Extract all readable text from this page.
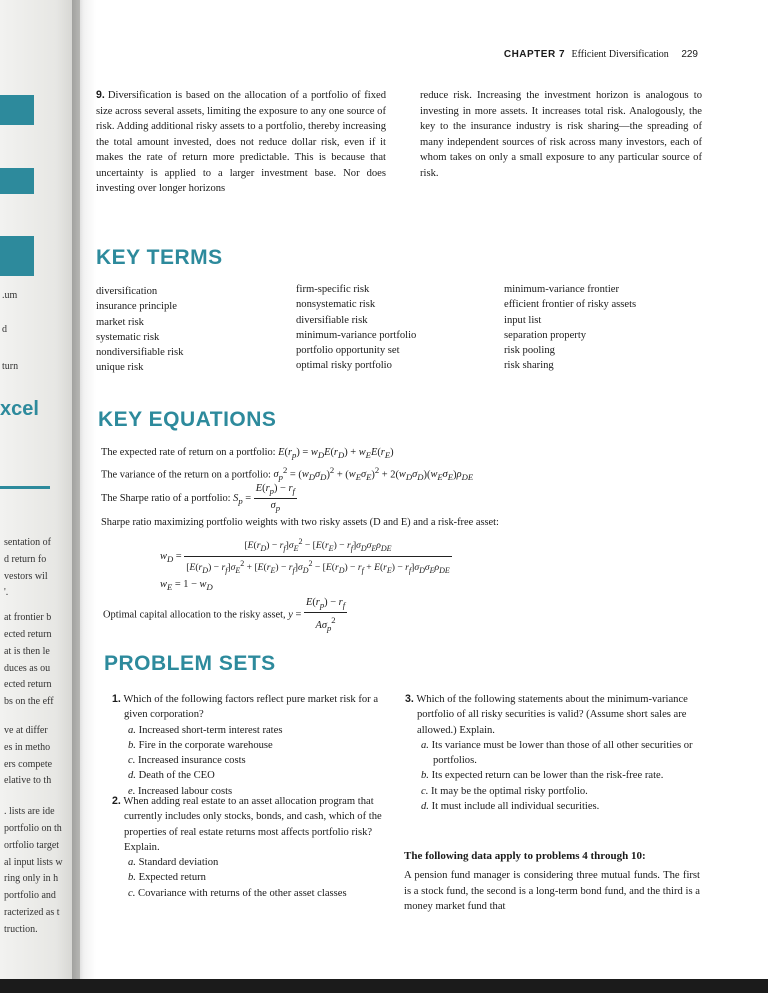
.um
d
turn
xcel
sentation of
d return fo
vestors wil
'.
at frontier b
ected return
at is then le
duces as ou
ected return
bs on the eff
ve at differ
es in metho
ers compete
elative to th
. lists are ide
portfolio on th
ortfolio target
al input lists w
ring only in h
portfolio and
racterized as t
truction.
CHAPTER 7 Efficient Diversification 229
9. Diversification is based on the allocation of a portfolio of fixed size across several assets, limiting the exposure to any one source of risk. Adding additional risky assets to a portfolio, thereby increasing the total amount invested, does not reduce dollar risk, even if it makes the rate of return more predictable. This is because that uncertainty is applied to a larger investment base. Nor does investing over longer horizons
reduce risk. Increasing the investment horizon is analogous to investing in more assets. It increases total risk. Analogously, the key to the insurance industry is risk sharing—the spreading of many independent sources of risk across many investors, each of whom takes on only a small exposure to any particular source of risk.
KEY TERMS
diversification
insurance principle
market risk
systematic risk
nondiversifiable risk
unique risk
firm-specific risk
nonsystematic risk
diversifiable risk
minimum-variance portfolio
portfolio opportunity set
optimal risky portfolio
minimum-variance frontier
efficient frontier of risky assets
input list
separation property
risk pooling
risk sharing
KEY EQUATIONS
The expected rate of return on a portfolio: $E(r_p) = w_DE(r_D) + w_EE(r_E)$
The variance of the return on a portfolio: $\sigma_p^2 = (w_D\sigma_D)^2 + (w_E\sigma_E)^2 + 2(w_D\sigma_D)(w_E\sigma_E)\rho_{DE}$
The Sharpe ratio of a portfolio: $S_p = \frac{E(r_p) - r_f}{\sigma_p}$
Sharpe ratio maximizing portfolio weights with two risky assets (D and E) and a risk-free asset:
$w_D$ =
$[E(r_D) - r_f]\sigma_E^2 - [E(r_E) - r_f]\sigma_D\sigma_E\rho_{DE}$
$[E(r_D) - r_f]\sigma_E^2 + [E(r_E) - r_f]\sigma_D^2 - [E(r_D) - r_f + E(r_E) - r_f]\sigma_D\sigma_E\rho_{DE}$
$w_E = 1 - w_D$
Optimal capital allocation to the risky asset, $y = \frac{E(r_p) - r_f}{A\sigma_p^2}$
PROBLEM SETS
1. Which of the following factors reflect pure market risk for a given corporation?
a. Increased short-term interest rates
b. Fire in the corporate warehouse
c. Increased insurance costs
d. Death of the CEO
e. Increased labour costs
2. When adding real estate to an asset allocation program that currently includes only stocks, bonds, and cash, which of the properties of real estate returns most affects portfolio risk? Explain.
a. Standard deviation
b. Expected return
c. Covariance with returns of the other asset classes
3. Which of the following statements about the minimum-variance portfolio of all risky securities is valid? (Assume short sales are allowed.) Explain.
a. Its variance must be lower than those of all other securities or portfolios.
b. Its expected return can be lower than the risk-free rate.
c. It may be the optimal risky portfolio.
d. It must include all individual securities.
The following data apply to problems 4 through 10:
A pension fund manager is considering three mutual funds. The first is a stock fund, the second is a long-term bond fund, and the third is a money market fund that
